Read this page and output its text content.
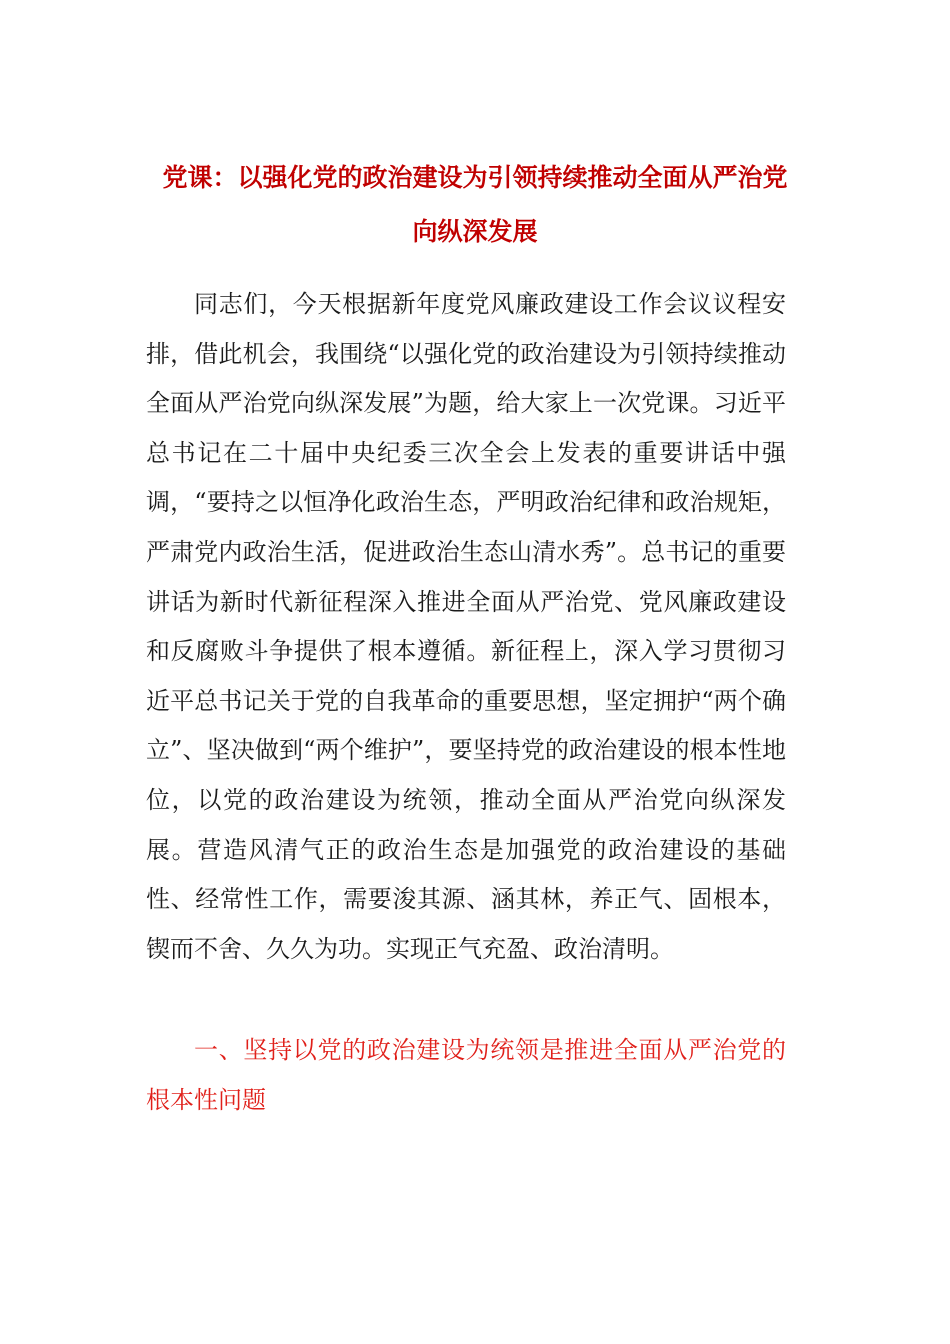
党课：以强化党的政治建设为引领持续推动全面从严治党
向纵深发展

同志们，今天根据新年度党风廉政建设工作会议议程安排，借此机会，我围绕“以强化党的政治建设为引领持续推动全面从严治党向纵深发展”为题，给大家上一次党课。习近平总书记在二十届中央纪委三次全会上发表的重要讲话中强调，“要持之以恒净化政治生态，严明政治纪律和政治规矩，严肃党内政治生活，促进政治生态山清水秀”。总书记的重要讲话为新时代新征程深入推进全面从严治党、党风廉政建设和反腐败斗争提供了根本遵循。新征程上，深入学习贯彻习近平总书记关于党的自我革命的重要思想，坚定拥护“两个确立”、坚决做到“两个维护”，要坚持党的政治建设的根本性地位，以党的政治建设为统领，推动全面从严治党向纵深发展。营造风清气正的政治生态是加强党的政治建设的基础性、经常性工作，需要浚其源、涵其林，养正气、固根本，锲而不舍、久久为功。实现正气充盈、政治清明。

一、坚持以党的政治建设为统领是推进全面从严治党的根本性问题
